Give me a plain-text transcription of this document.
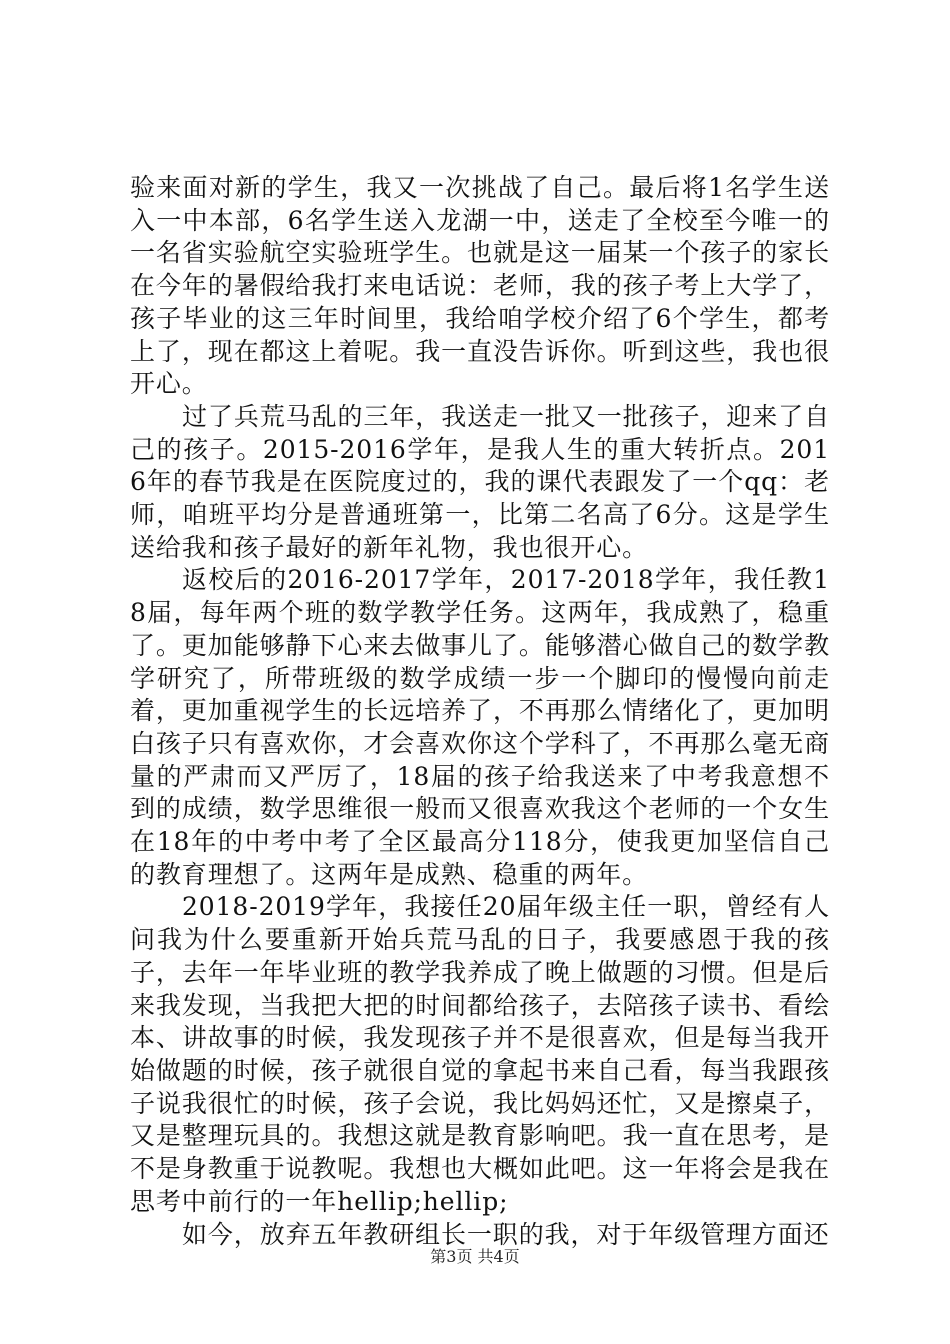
验来面对新的学生，我又一次挑战了自己。最后将1名学生送入一中本部，6名学生送入龙湖一中，送走了全校至今唯一的一名省实验航空实验班学生。也就是这一届某一个孩子的家长在今年的暑假给我打来电话说：老师，我的孩子考上大学了，孩子毕业的这三年时间里，我给咱学校介绍了6个学生，都考上了，现在都这上着呢。我一直没告诉你。听到这些，我也很开心。

过了兵荒马乱的三年，我送走一批又一批孩子，迎来了自己的孩子。2015-2016学年，是我人生的重大转折点。2016年的春节我是在医院度过的，我的课代表跟发了一个qq：老师，咱班平均分是普通班第一，比第二名高了6分。这是学生送给我和孩子最好的新年礼物，我也很开心。

返校后的2016-2017学年，2017-2018学年，我任教18届，每年两个班的数学教学任务。这两年，我成熟了，稳重了。更加能够静下心来去做事儿了。能够潜心做自己的数学教学研究了，所带班级的数学成绩一步一个脚印的慢慢向前走着，更加重视学生的长远培养了，不再那么情绪化了，更加明白孩子只有喜欢你，才会喜欢你这个学科了，不再那么毫无商量的严肃而又严厉了，18届的孩子给我送来了中考我意想不到的成绩，数学思维很一般而又很喜欢我这个老师的一个女生在18年的中考中考了全区最高分118分，使我更加坚信自己的教育理想了。这两年是成熟、稳重的两年。

2018-2019学年，我接任20届年级主任一职，曾经有人问我为什么要重新开始兵荒马乱的日子，我要感恩于我的孩子，去年一年毕业班的教学我养成了晚上做题的习惯。但是后来我发现，当我把大把的时间都给孩子，去陪孩子读书、看绘本、讲故事的时候，我发现孩子并不是很喜欢，但是每当我开始做题的时候，孩子就很自觉的拿起书来自己看，每当我跟孩子说我很忙的时候，孩子会说，我比妈妈还忙，又是擦桌子，又是整理玩具的。我想这就是教育影响吧。我一直在思考，是不是身教重于说教呢。我想也大概如此吧。这一年将会是我在思考中前行的一年hellip;hellip;

如今，放弃五年教研组长一职的我，对于年级管理方面还

第3页 共4页
